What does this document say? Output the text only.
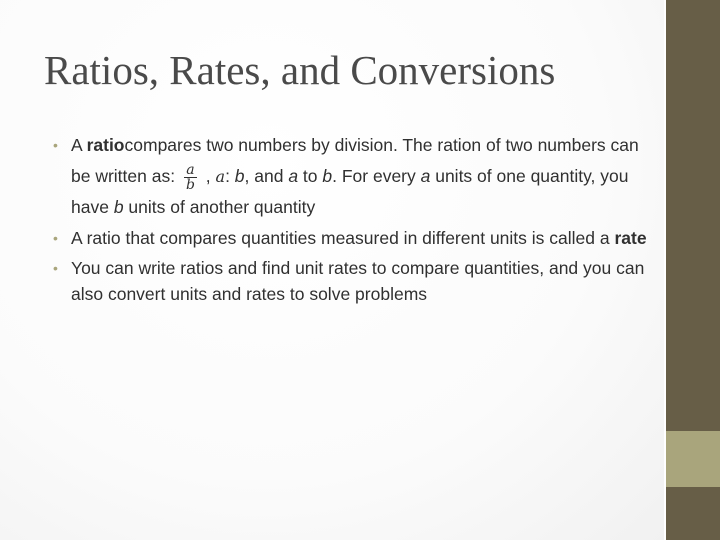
Ratios, Rates, and Conversions
• A ratiocompares two numbers by division. The ration of two numbers can be written as: $\frac{a}{b}$ , a: b, and a to b. For every a units of one quantity, you have b units of another quantity
• A ratio that compares quantities measured in different units is called a rate
• You can write ratios and find unit rates to compare quantities, and you can also convert units and rates to solve problems
